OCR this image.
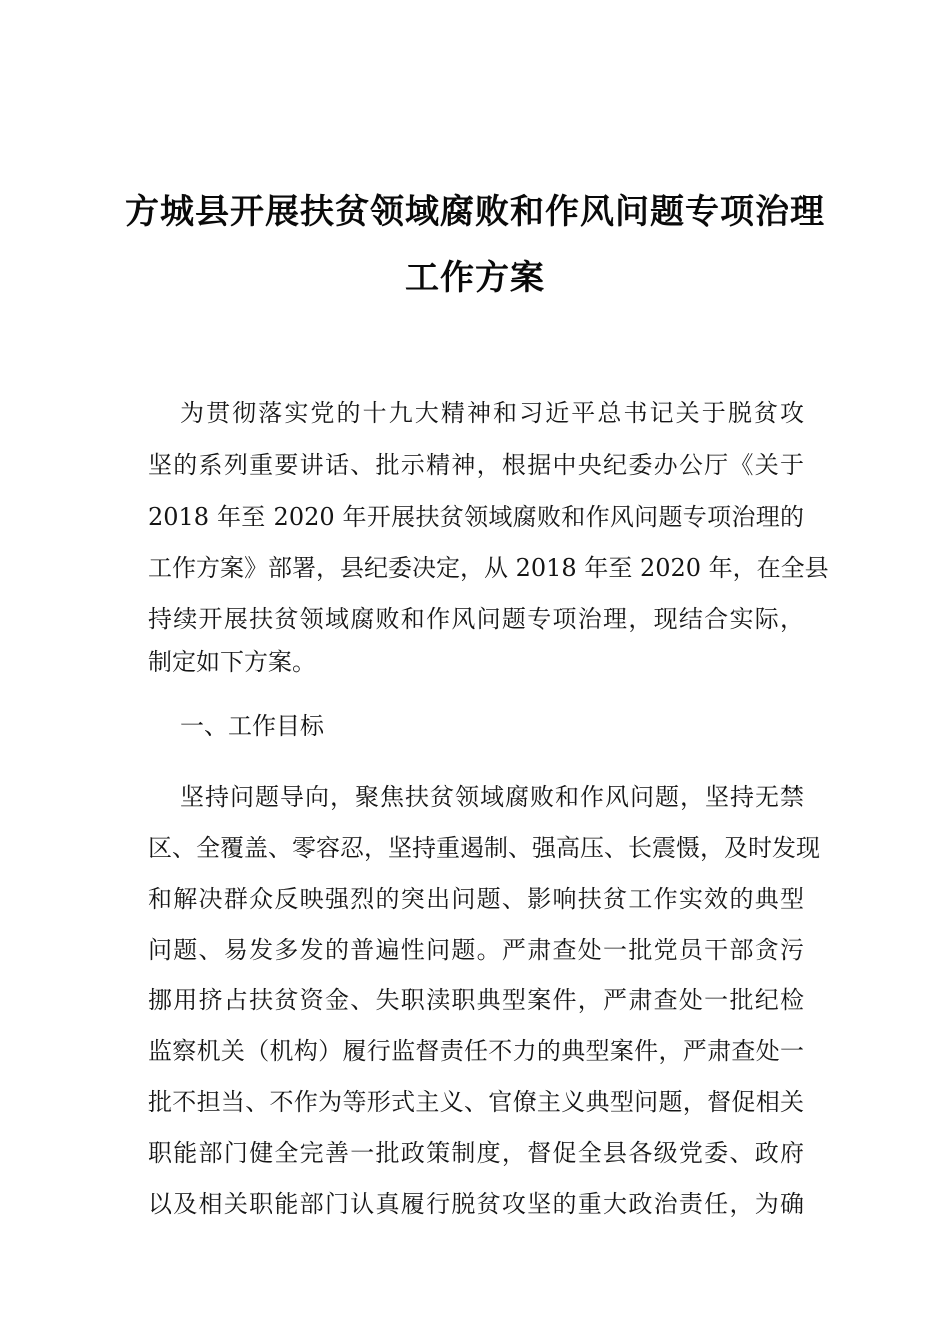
方城县开展扶贫领域腐败和作风问题专项治理
工作方案
为贯彻落实党的十九大精神和习近平总书记关于脱贫攻
坚的系列重要讲话、批示精神，根据中央纪委办公厅《关于
2018 年至 2020 年开展扶贫领域腐败和作风问题专项治理的
工作方案》部署，县纪委决定，从 2018 年至 2020 年，在全县
持续开展扶贫领域腐败和作风问题专项治理，现结合实际，
制定如下方案。
一、工作目标
坚持问题导向，聚焦扶贫领域腐败和作风问题，坚持无禁
区、全覆盖、零容忍，坚持重遏制、强高压、长震慑，及时发现
和解决群众反映强烈的突出问题、影响扶贫工作实效的典型
问题、易发多发的普遍性问题。严肃查处一批党员干部贪污
挪用挤占扶贫资金、失职渎职典型案件，严肃查处一批纪检
监察机关（机构）履行监督责任不力的典型案件，严肃查处一
批不担当、不作为等形式主义、官僚主义典型问题，督促相关
职能部门健全完善一批政策制度，督促全县各级党委、政府
以及相关职能部门认真履行脱贫攻坚的重大政治责任，为确
